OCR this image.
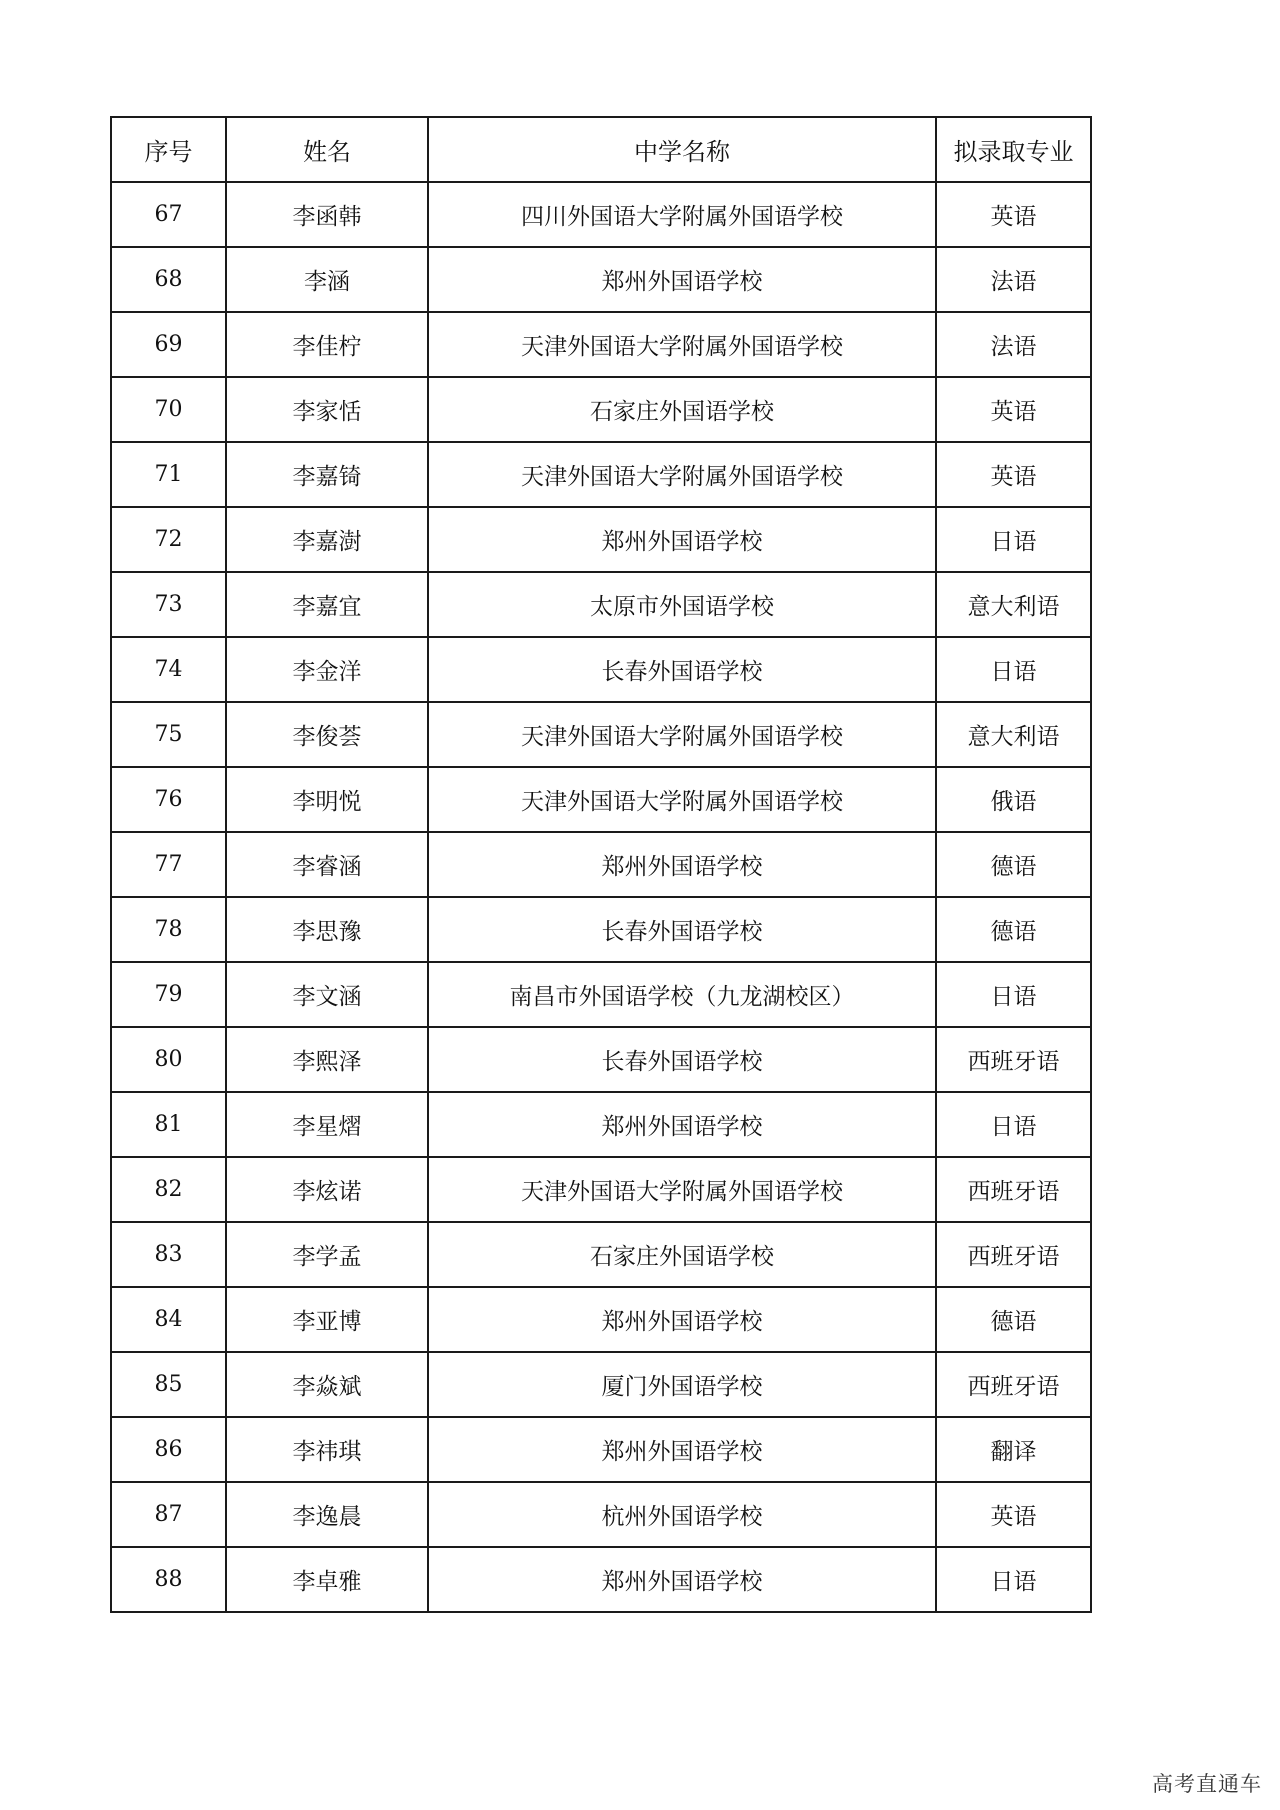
序号	姓名	中学名称	拟录取专业
67	李函韩	四川外国语大学附属外国语学校	英语
68	李涵	郑州外国语学校	法语
69	李佳柠	天津外国语大学附属外国语学校	法语
70	李家恬	石家庄外国语学校	英语
71	李嘉锜	天津外国语大学附属外国语学校	英语
72	李嘉澍	郑州外国语学校	日语
73	李嘉宜	太原市外国语学校	意大利语
74	李金洋	长春外国语学校	日语
75	李俊荟	天津外国语大学附属外国语学校	意大利语
76	李明悦	天津外国语大学附属外国语学校	俄语
77	李睿涵	郑州外国语学校	德语
78	李思豫	长春外国语学校	德语
79	李文涵	南昌市外国语学校（九龙湖校区）	日语
80	李熙泽	长春外国语学校	西班牙语
81	李星熠	郑州外国语学校	日语
82	李炫诺	天津外国语大学附属外国语学校	西班牙语
83	李学孟	石家庄外国语学校	西班牙语
84	李亚博	郑州外国语学校	德语
85	李焱斌	厦门外国语学校	西班牙语
86	李祎琪	郑州外国语学校	翻译
87	李逸晨	杭州外国语学校	英语
88	李卓雅	郑州外国语学校	日语
高考直通车
